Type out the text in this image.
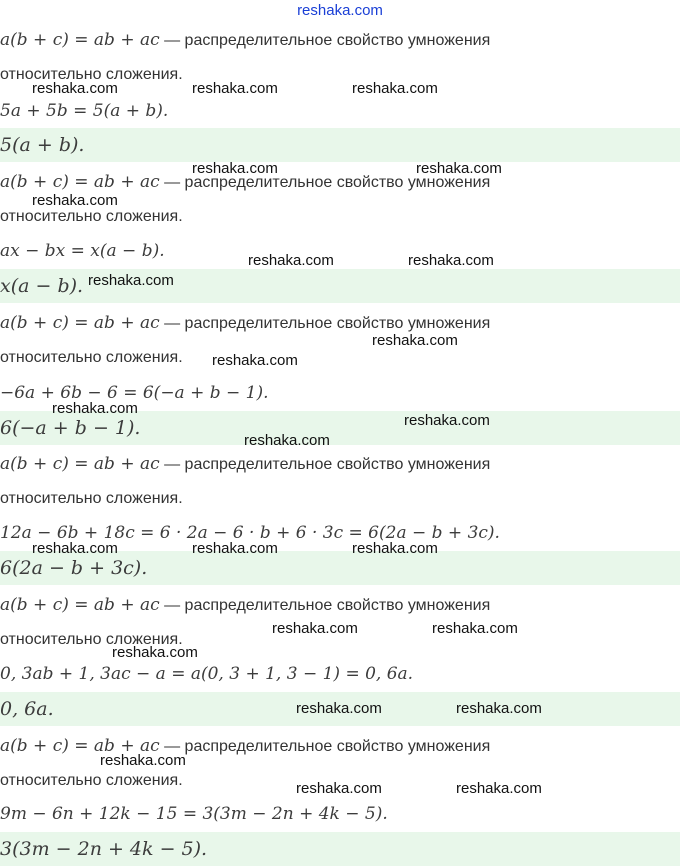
reshaka.com
a(b + c) = ab + ac — распределительное свойство умножения
относительно сложения.
5a + 5b = 5(a + b).
5(a + b).
a(b + c) = ab + ac — распределительное свойство умножения
относительно сложения.
ax − bx = x(a − b).
x(a − b).
a(b + c) = ab + ac — распределительное свойство умножения
относительно сложения.
−6a + 6b − 6 = 6(−a + b − 1).
6(−a + b − 1).
a(b + c) = ab + ac — распределительное свойство умножения
относительно сложения.
12a − 6b + 18c = 6 · 2a − 6 · b + 6 · 3c = 6(2a − b + 3c).
6(2a − b + 3c).
a(b + c) = ab + ac — распределительное свойство умножения
относительно сложения.
0, 3ab + 1, 3ac − a = a(0, 3 + 1, 3 − 1) = 0, 6a.
0, 6a.
a(b + c) = ab + ac — распределительное свойство умножения
относительно сложения.
9m − 6n + 12k − 15 = 3(3m − 2n + 4k − 5).
3(3m − 2n + 4k − 5).
reshaka.com	reshaka.com	reshaka.com
reshaka.com	reshaka.com
reshaka.com
reshaka.com	reshaka.com
reshaka.com
reshaka.com
reshaka.com
reshaka.com
reshaka.com
reshaka.com
reshaka.com	reshaka.com	reshaka.com
reshaka.com	reshaka.com
reshaka.com
reshaka.com	reshaka.com
reshaka.com
reshaka.com	reshaka.com
